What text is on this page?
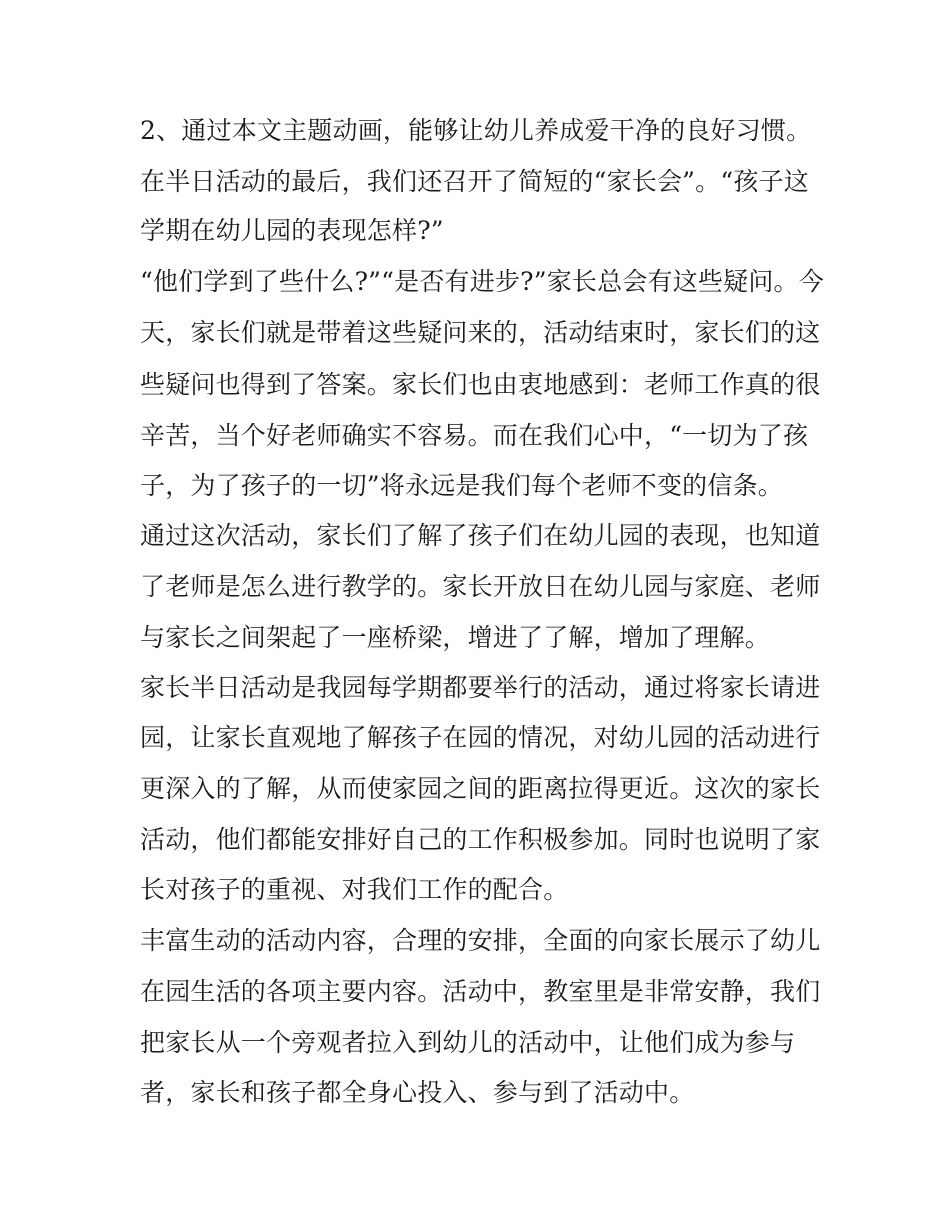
2、通过本文主题动画，能够让幼儿养成爱干净的良好习惯。

在半日活动的最后，我们还召开了简短的“家长会”。“孩子这

学期在幼儿园的表现怎样?”

“他们学到了些什么?”“是否有进步?”家长总会有这些疑问。今

天，家长们就是带着这些疑问来的，活动结束时，家长们的这

些疑问也得到了答案。家长们也由衷地感到：老师工作真的很

辛苦，当个好老师确实不容易。而在我们心中，“一切为了孩

子，为了孩子的一切”将永远是我们每个老师不变的信条。

通过这次活动，家长们了解了孩子们在幼儿园的表现，也知道

了老师是怎么进行教学的。家长开放日在幼儿园与家庭、老师

与家长之间架起了一座桥梁，增进了了解，增加了理解。

家长半日活动是我园每学期都要举行的活动，通过将家长请进

园，让家长直观地了解孩子在园的情况，对幼儿园的活动进行

更深入的了解，从而使家园之间的距离拉得更近。这次的家长

活动，他们都能安排好自己的工作积极参加。同时也说明了家

长对孩子的重视、对我们工作的配合。

丰富生动的活动内容，合理的安排，全面的向家长展示了幼儿

在园生活的各项主要内容。活动中，教室里是非常安静，我们

把家长从一个旁观者拉入到幼儿的活动中，让他们成为参与

者，家长和孩子都全身心投入、参与到了活动中。
